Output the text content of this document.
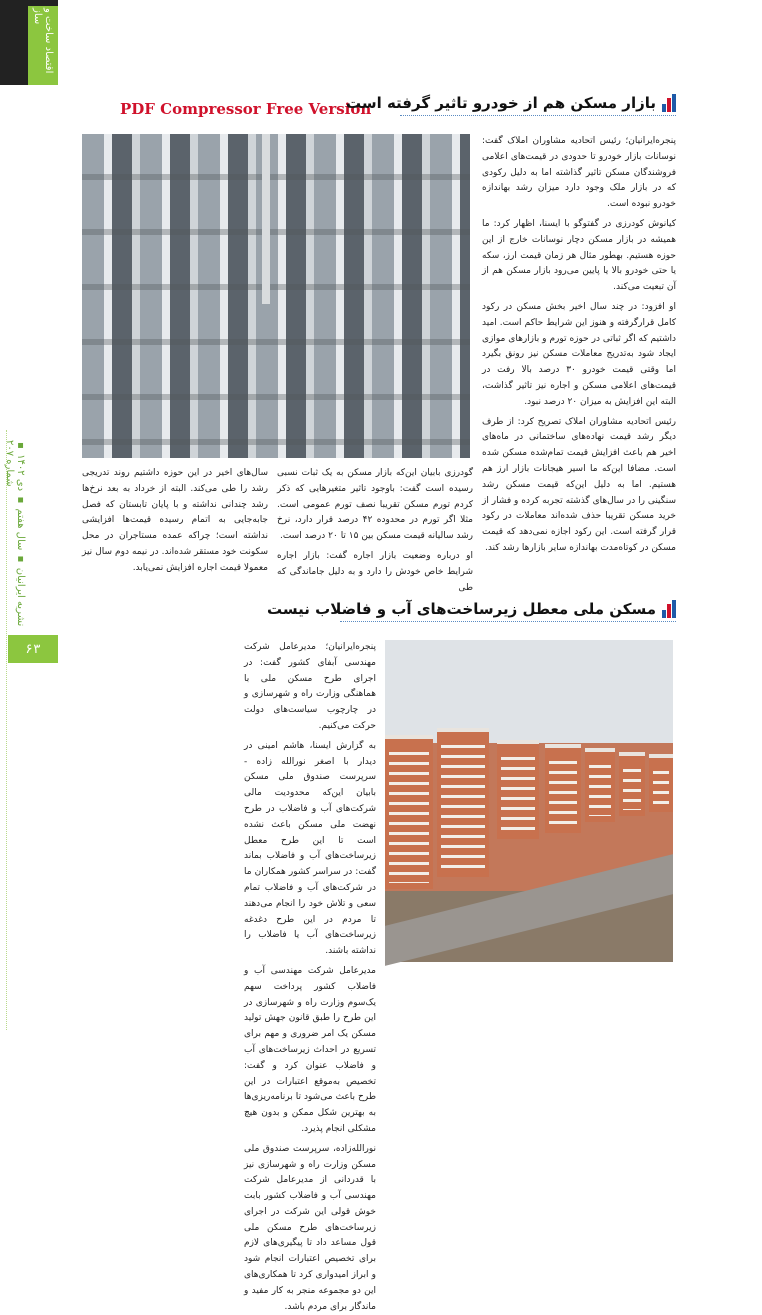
اقتصاد ساخت و ساز
نشریه ایرانیان ▪ سال هفتم ▪ دی ۱۴۰۲ ▪ شماره ۲۰۷
۶۳
PDF Compressor Free Version
بازار مسکن هم از خودرو تاثیر گرفته است

پنجره‌ایرانیان؛ رئیس اتحادیه مشاوران املاک گفت: نوسانات بازار خودرو تا حدودی در قیمت‌های اعلامی فروشندگان مسکن تاثیر گذاشته اما به دلیل رکودی که در بازار ملک وجود دارد میزان رشد بهاندازه خودرو نبوده است.

کیانوش کودرزی در گفتوگو با ایسنا، اظهار کرد: ما همیشه در بازار مسکن دچار نوسانات خارج از این حوزه هستیم. بهطور مثال هر زمان قیمت ارز، سکه یا حتی خودرو بالا یا پایین می‌رود بازار مسکن هم از آن تبعیت می‌کند.

او افزود: در چند سال اخیر بخش مسکن در رکود کامل قرارگرفته و هنوز این شرایط حاکم است. امید داشتیم که اگر ثباتی در حوزه تورم و بازارهای موازی ایجاد شود به‌تدریج معاملات مسکن نیز رونق بگیرد اما وقتی قیمت خودرو ۳۰ درصد بالا رفت در قیمت‌های اعلامی مسکن و اجاره نیز تاثیر گذاشت، البته این افزایش به میزان ۲۰ درصد نبود.

رئیس اتحادیه مشاوران املاک تصریح کرد: از طرف دیگر رشد قیمت نهاده‌های ساختمانی در ماه‌های اخیر هم باعث افزایش قیمت تمام‌شده مسکن شده است. مضافا این‌که ما اسیر هیجانات بازار ارز هم هستیم. اما به دلیل این‌که قیمت مسکن رشد سنگینی را در سال‌های گذشته تجربه کرده و فشار از خرید مسکن تقریبا حذف شده‌اند معاملات در رکود قرار گرفته است. این رکود اجازه نمی‌دهد که قیمت مسکن در کوتاه‌مدت بهاندازه سایر بازارها رشد کند.

گودرزی بابیان این‌که بازار مسکن به یک ثبات نسبی رسیده است گفت: باوجود تاثیر متغیرهایی که ذکر کردم تورم مسکن تقریبا نصف تورم عمومی است. مثلا اگر تورم در محدوده ۴۲ درصد قرار دارد، نرخ رشد سالیانه قیمت مسکن بین ۱۵ تا ۲۰ درصد است.

او درباره وضعیت بازار اجاره گفت: بازار اجاره شرایط خاص خودش را دارد و به دلیل جاماندگی که طی

سال‌های اخیر در این حوزه داشتیم روند تدریجی رشد را طی می‌کند. البته از خرداد به بعد نرخ‌ها رشد چندانی نداشته و با پایان تابستان که فصل جابه‌جایی به اتمام رسیده قیمت‌ها افزایشی نداشته است؛ چراکه عمده مستاجران در محل سکونت خود مستقر شده‌اند. در نیمه دوم سال نیز معمولا قیمت اجاره افزایش نمی‌یابد.

مسکن ملی معطل زیرساخت‌های آب و فاضلاب نیست

پنجره‌ایرانیان؛ مدیرعامل شرکت مهندسی آبفای کشور گفت: در اجرای طرح مسکن ملی با هماهنگی وزارت راه و شهرسازی و در چارچوب سیاست‌های دولت حرکت می‌کنیم.

به گزارش ایسنا، هاشم امینی در دیدار با اصغر نورالله زاده - سرپرست صندوق ملی مسکن بابیان این‌که محدودیت مالی شرکت‌های آب و فاضلاب در طرح نهضت ملی مسکن باعث نشده است تا این طرح معطل زیرساخت‌های آب و فاضلاب بماند گفت: در سراسر کشور همکاران ما در شرکت‌های آب و فاضلاب تمام سعی و تلاش خود را انجام می‌دهند تا مردم در این طرح دغدغه زیرساخت‌های آب یا فاضلاب را نداشته باشند.

مدیرعامل شرکت مهندسی آب و فاضلاب کشور پرداخت سهم یک‌سوم وزارت راه و شهرسازی در این طرح را طبق قانون جهش تولید مسکن یک امر ضروری و مهم برای تسریع در احداث زیرساخت‌های آب و فاضلاب عنوان کرد و گفت: تخصیص به‌موقع اعتبارات در این طرح باعث می‌شود تا برنامه‌ریزی‌ها به بهترین شکل ممکن و بدون هیچ مشکلی انجام پذیرد.

نورالله‌زاده، سرپرست صندوق ملی مسکن وزارت راه و شهرسازی نیز با قدردانی از مدیرعامل شرکت مهندسی آب و فاضلاب کشور بابت خوش قولی این شرکت در اجرای زیرساخت‌های طرح مسکن ملی قول مساعد داد تا پیگیری‌های لازم برای تخصیص اعتبارات انجام شود و ابراز امیدواری کرد تا همکاری‌های این دو مجموعه منجر به کار مفید و ماندگار برای مردم باشد.
